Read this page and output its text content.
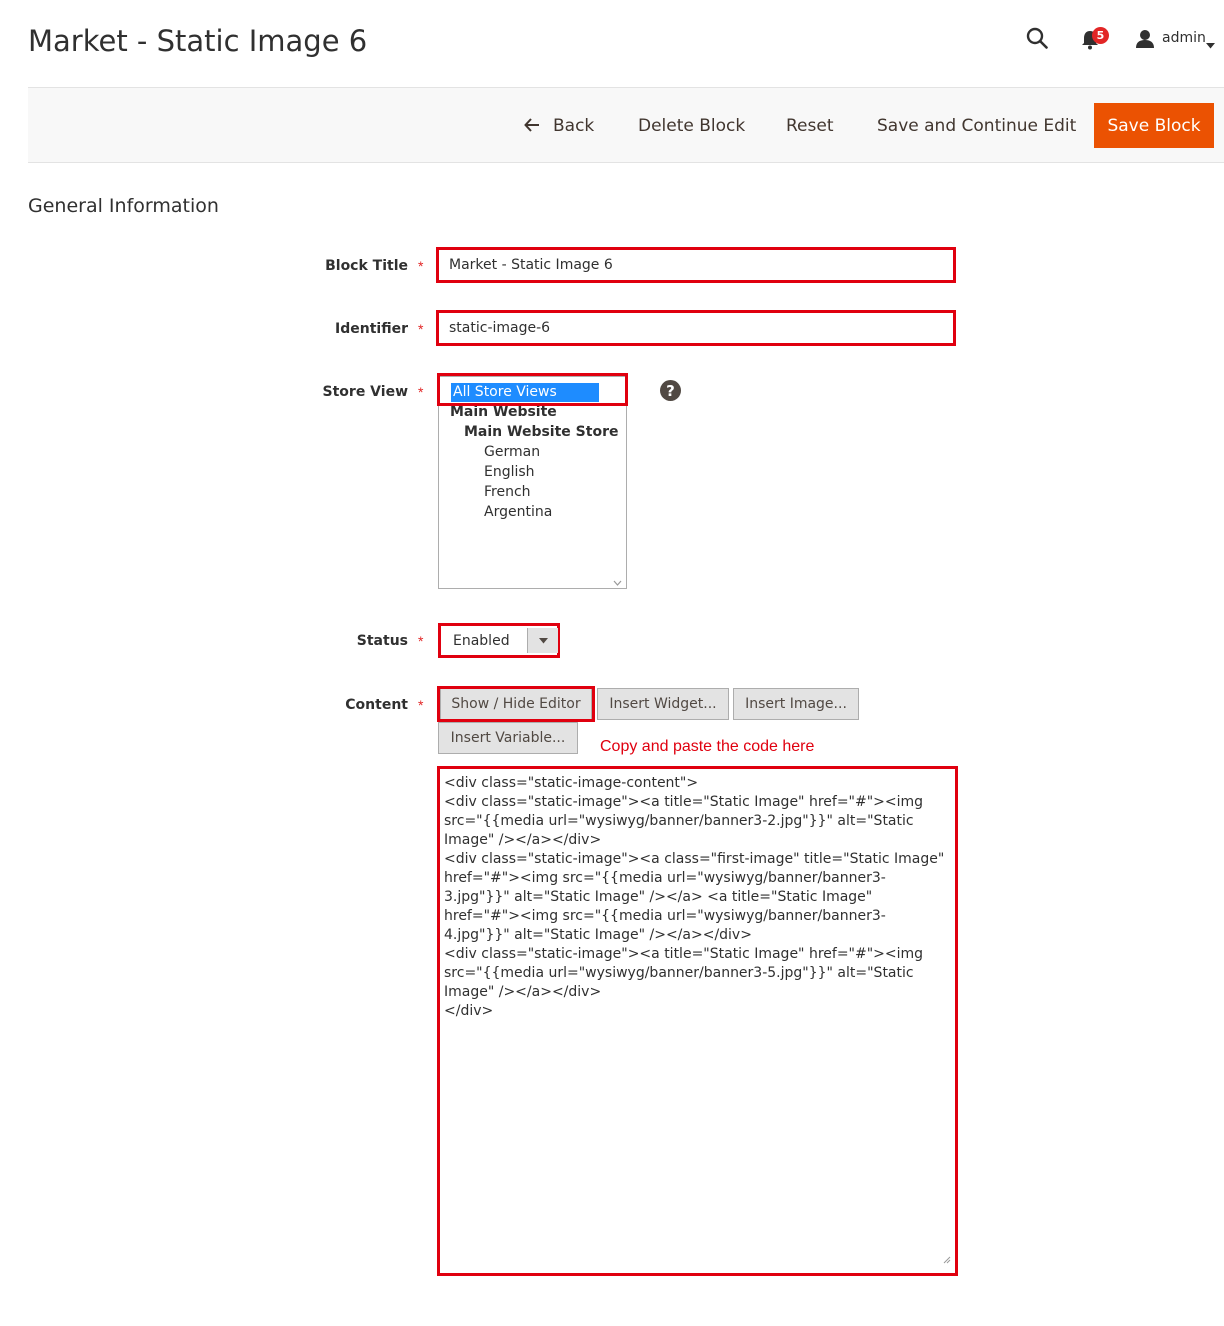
Market - Static Image 6	5	admin
Back	Delete Block Reset	Save and Continue Edit	Save Block
General Information
Block Title *	Market - Static Image 6
Identifier *	static-image-6
Store View * All Store Views
Main Website
Main Website Store
German
English
French
Argentina
?
Status * Enabled
Content *	Show / Hide Editor	Insert Widget...	Insert Image...
Insert Variable...	Copy and paste the code here
<div class="static-image-content">
<div class="static-image"><a title="Static Image" href="#"><img src="{{media url="wysiwyg/banner/banner3-2.jpg"}}" alt="Static Image" /></a></div>
<div class="static-image"><a class="first-image" title="Static Image" href="#"><img src="{{media url="wysiwyg/banner/banner3-3.jpg"}}" alt="Static Image" /></a> <a title="Static Image" href="#"><img src="{{media url="wysiwyg/banner/banner3-4.jpg"}}" alt="Static Image" /></a></div>
<div class="static-image"><a title="Static Image" href="#"><img src="{{media url="wysiwyg/banner/banner3-5.jpg"}}" alt="Static Image" /></a></div>
</div>
